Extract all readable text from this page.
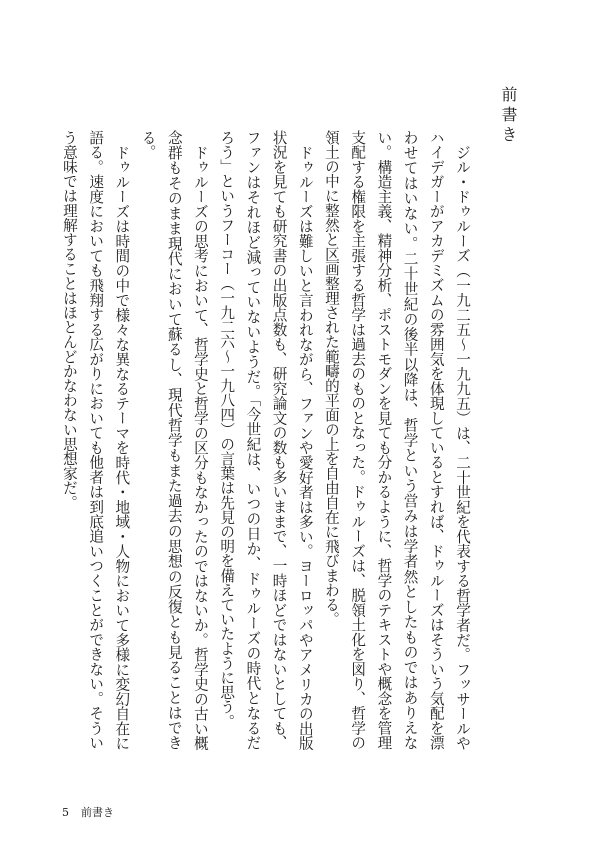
前書き

ジル・ドゥルーズ（一九二五〜一九九五）は、二十世紀を代表する哲学者だ。フッサールやハイデガーがアカデミズムの雰囲気を体現しているとすれば、ドゥルーズはそういう気配を漂わせてはいない。二十世紀の後半以降は、哲学という営みは学者然としたものではありえない。構造主義、精神分析、ポストモダンを見ても分かるように、哲学のテキストや概念を管理支配する権限を主張する哲学は過去のものとなった。ドゥルーズは、脱領土化を図り、哲学の領土の中に整然と区画整理された範疇的平面の上を自由自在に飛びまわる。

ドゥルーズは難しいと言われながら、ファンや愛好者は多い。ヨーロッパやアメリカの出版状況を見ても研究書の出版点数も、研究論文の数も多いままで、一時ほどではないとしても、ファンはそれほど減っていないようだ。「今世紀は、いつの日か、ドゥルーズの時代となるだろう」というフーコー（一九二六〜一九八四）の言葉は先見の明を備えていたように思う。

ドゥルーズの思考において、哲学史と哲学の区分もなかったのではないか。哲学史の古い概念群もそのまま現代において蘇るし、現代哲学もまた過去の思想の反復とも見ることはできる。

ドゥルーズは時間の中で様々な異なるテーマを時代・地域・人物において多様に変幻自在に語る。速度においても飛翔する広がりにおいても他者は到底追いつくことができない。そういう意味では理解することはほとんどかなわない思想家だ。

5 前書き
